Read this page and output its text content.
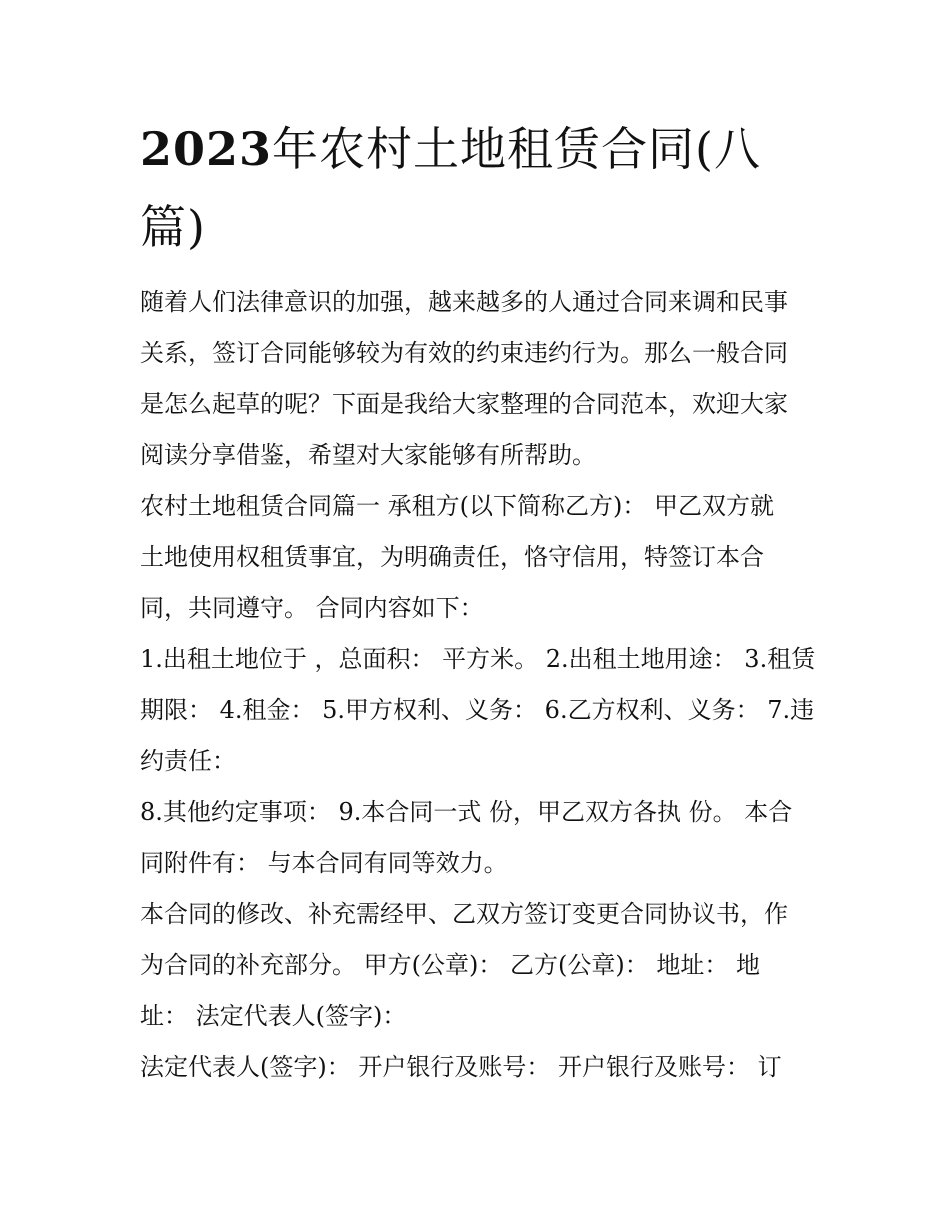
2023年农村土地租赁合同(八
篇)

随着人们法律意识的加强，越来越多的人通过合同来调和民事

关系，签订合同能够较为有效的约束违约行为。那么一般合同

是怎么起草的呢？下面是我给大家整理的合同范本，欢迎大家

阅读分享借鉴，希望对大家能够有所帮助。

农村土地租赁合同篇一 承租方(以下简称乙方)： 甲乙双方就

土地使用权租赁事宜，为明确责任，恪守信用，特签订本合

同，共同遵守。 合同内容如下：

1.出租土地位于 ，总面积： 平方米。 2.出租土地用途： 3.租赁

期限： 4.租金： 5.甲方权利、义务： 6.乙方权利、义务： 7.违

约责任：

8.其他约定事项： 9.本合同一式 份，甲乙双方各执 份。 本合

同附件有： 与本合同有同等效力。

本合同的修改、补充需经甲、乙双方签订变更合同协议书，作

为合同的补充部分。 甲方(公章)： 乙方(公章)： 地址： 地

址： 法定代表人(签字)：

法定代表人(签字)： 开户银行及账号： 开户银行及账号： 订
